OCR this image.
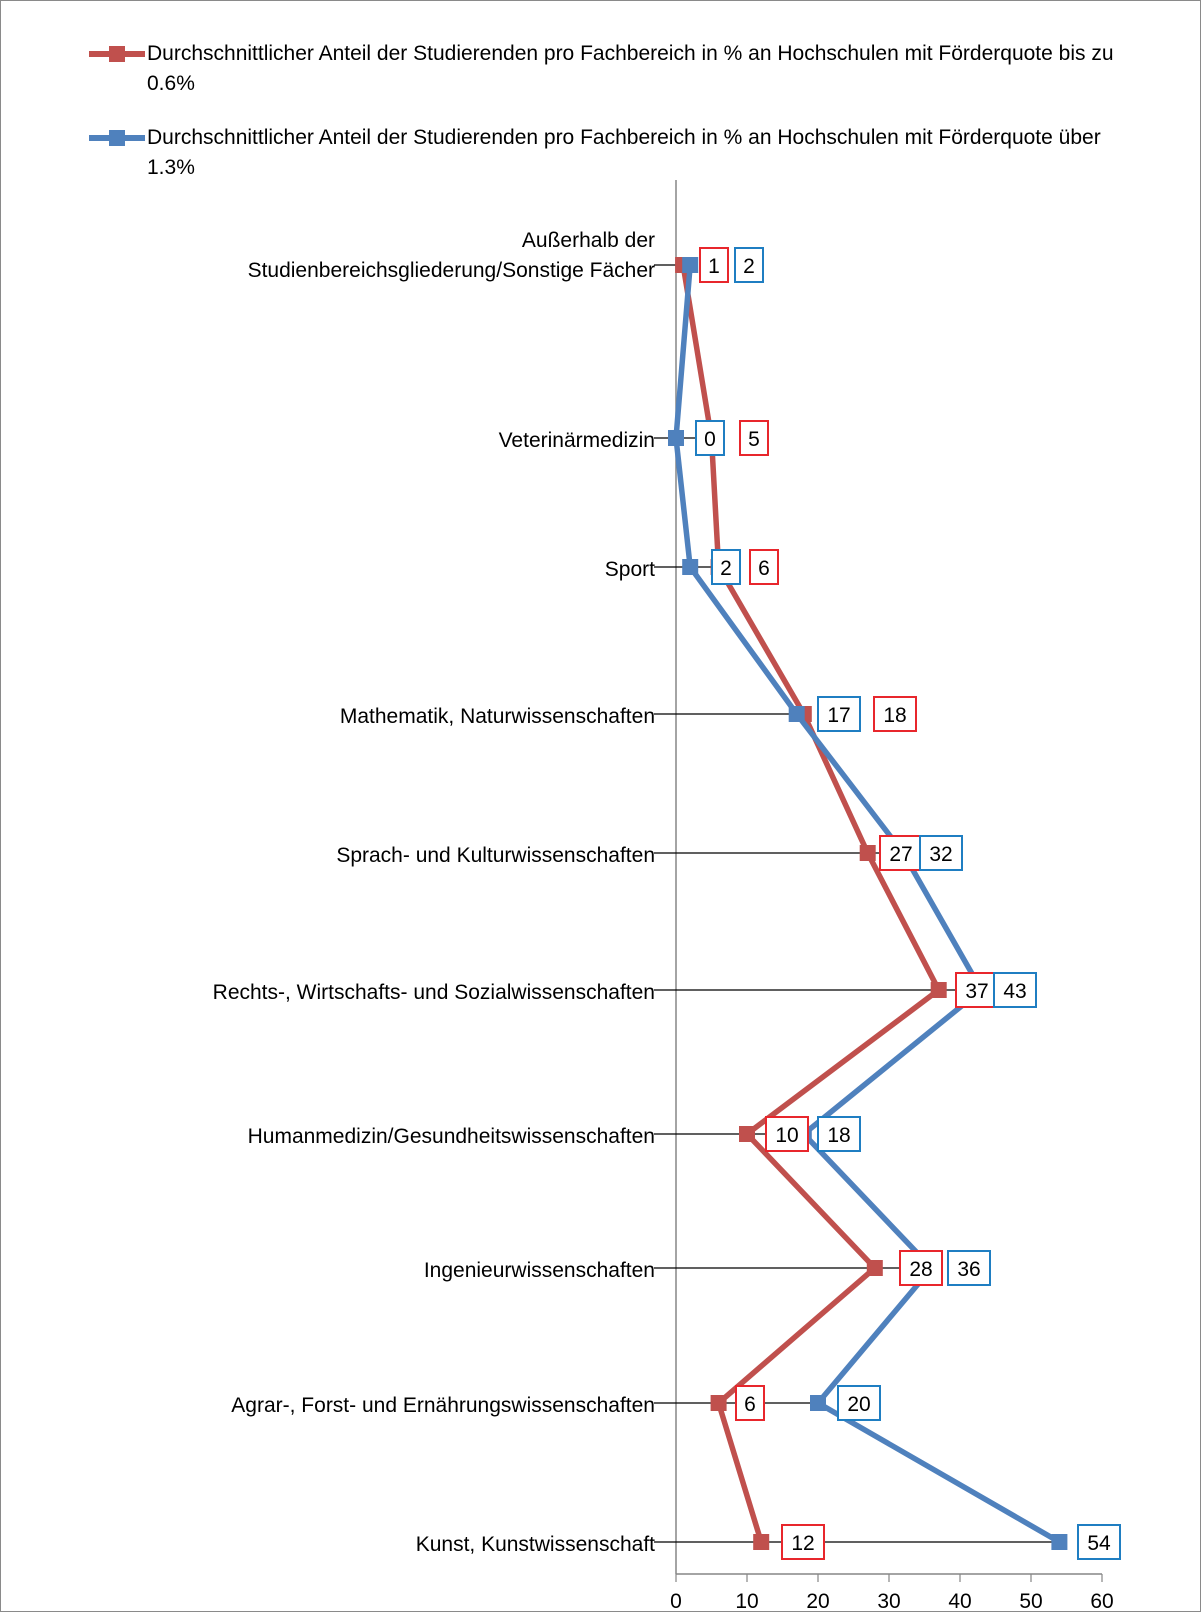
Durchschnittlicher Anteil der Studierenden pro Fachbereich in % an Hochschulen mit Förderquote bis zu 0.6%
Durchschnittlicher Anteil der Studierenden pro Fachbereich in % an Hochschulen mit Förderquote über 1.3%
Außerhalb der Studienbereichsgliederung/Sonstige Fächer
Veterinärmedizin
Sport
Mathematik, Naturwissenschaften
Sprach- und Kulturwissenschaften
Rechts-, Wirtschafts- und Sozialwissenschaften
Humanmedizin/Gesundheitswissenschaften
Ingenieurwissenschaften
Agrar-, Forst- und Ernährungswissenschaften
Kunst, Kunstwissenschaft
0	10 20 30 40 50 60
1 2
5
0
6
2
18
17
27 32
37 43
10 18
28 36
6	20
12	54
